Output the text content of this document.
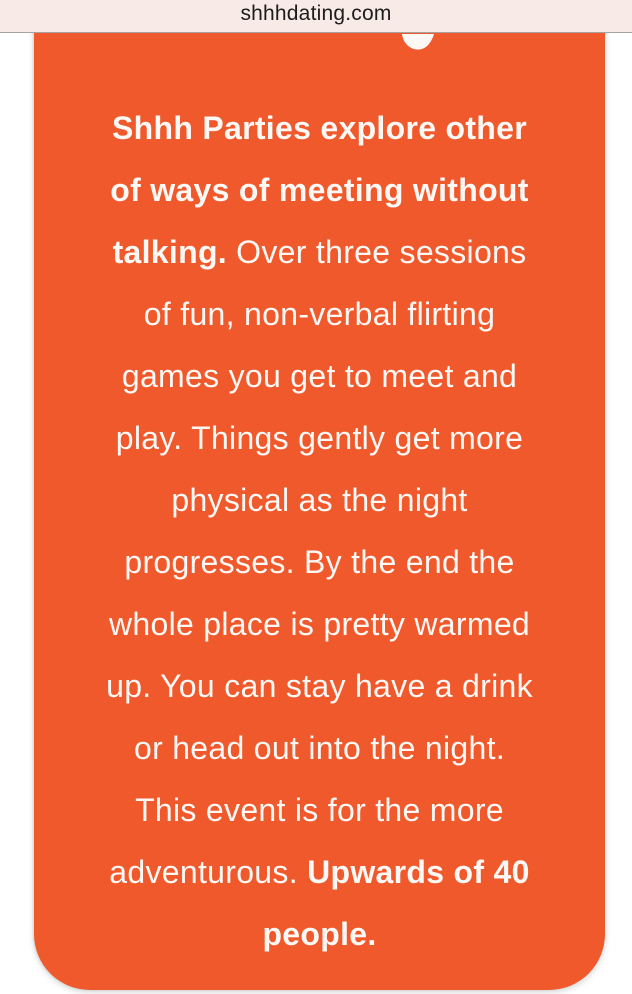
shhhdating.com
Shhh Parties explore other
of ways of meeting without
talking. Over three sessions
of fun, non-verbal flirting
games you get to meet and
play. Things gently get more
physical as the night
progresses. By the end the
whole place is pretty warmed
up. You can stay have a drink
or head out into the night.
This event is for the more
adventurous. Upwards of 40
people.
